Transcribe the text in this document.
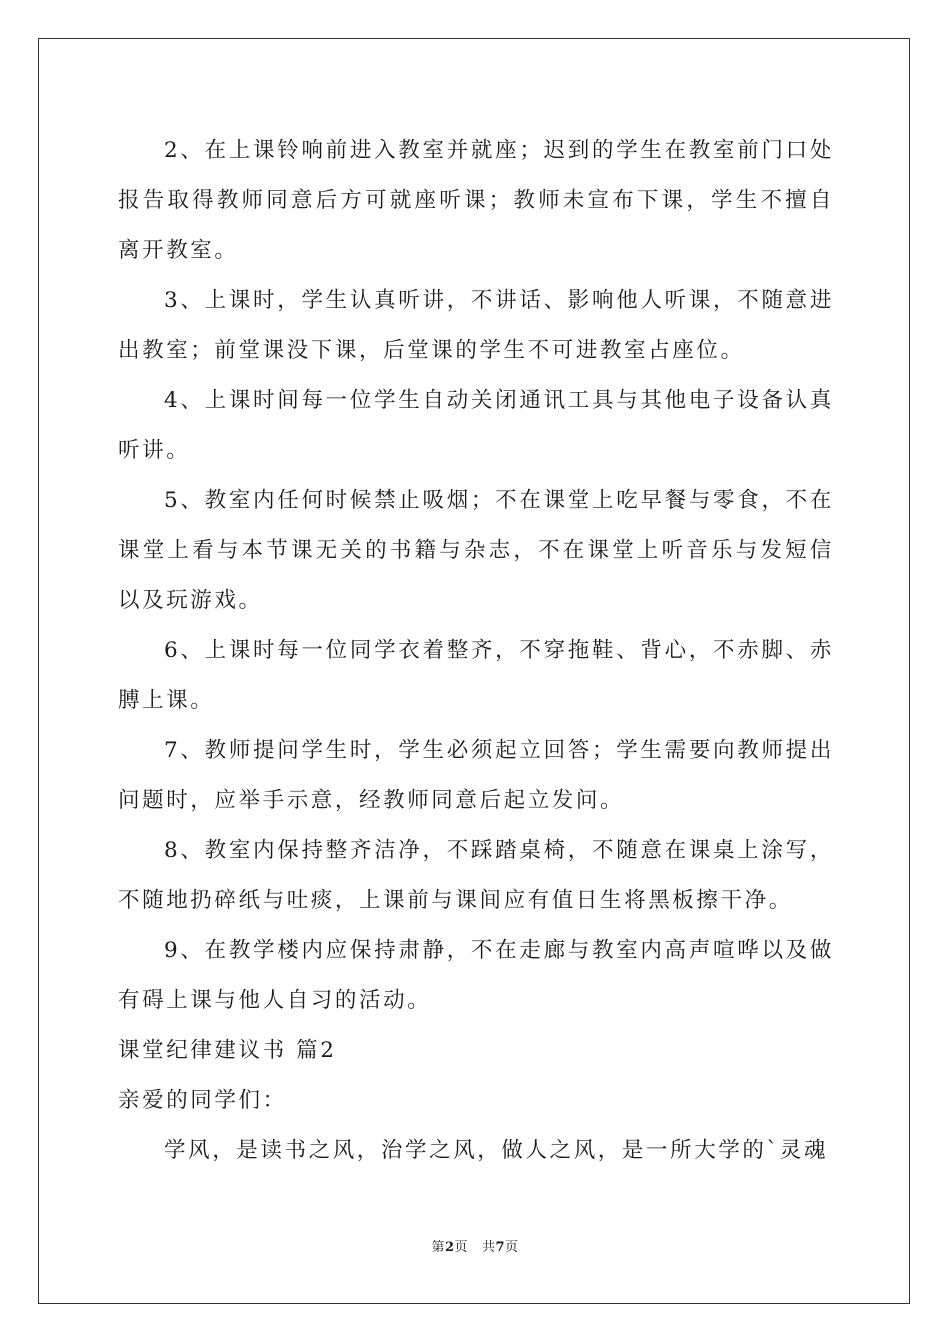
2、在上课铃响前进入教室并就座；迟到的学生在教室前门口处报告取得教师同意后方可就座听课；教师未宣布下课，学生不擅自离开教室。

3、上课时，学生认真听讲，不讲话、影响他人听课，不随意进出教室；前堂课没下课，后堂课的学生不可进教室占座位。

4、上课时间每一位学生自动关闭通讯工具与其他电子设备认真听讲。

5、教室内任何时候禁止吸烟；不在课堂上吃早餐与零食，不在课堂上看与本节课无关的书籍与杂志，不在课堂上听音乐与发短信以及玩游戏。

6、上课时每一位同学衣着整齐，不穿拖鞋、背心，不赤脚、赤膊上课。

7、教师提问学生时，学生必须起立回答；学生需要向教师提出问题时，应举手示意，经教师同意后起立发问。

8、教室内保持整齐洁净，不踩踏桌椅，不随意在课桌上涂写，不随地扔碎纸与吐痰，上课前与课间应有值日生将黑板擦干净。

9、在教学楼内应保持肃静，不在走廊与教室内高声喧哗以及做有碍上课与他人自习的活动。

课堂纪律建议书 篇2

亲爱的同学们：

学风，是读书之风，治学之风，做人之风，是一所大学的`灵魂

第2页 共7页
